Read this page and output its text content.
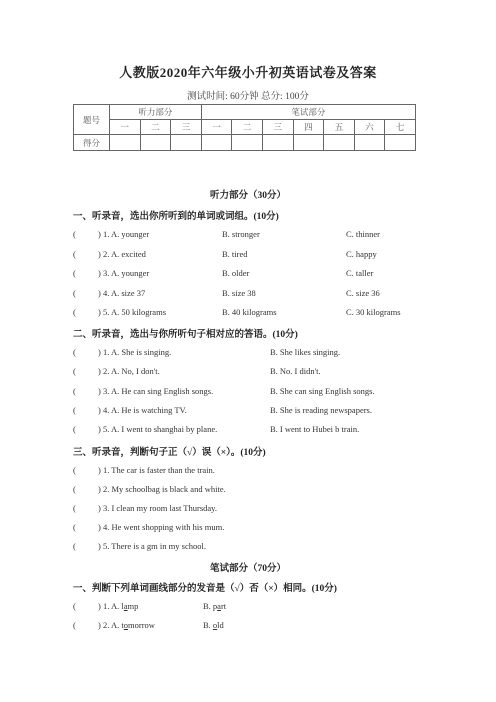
人教版2020年六年级小升初英语试卷及答案
测试时间: 60分钟 总分: 100分
题号	听力部分			笔试部分						
	一	二	三	一	二	三	四	五	六	七
得分										
听力部分（30分）
一、听录音，选出你所听到的单词或词组。(10分)
(	) 1. A. younger	B. stronger	C. thinner
(	) 2. A. excited	B. tired	C. happy
(	) 3. A. younger	B. older	C. taller
(	) 4. A. size 37	B. size 38	C. size 36
(	) 5. A. 50 kilograms	B. 40 kilograms	C. 30 kilograms
二、听录音，选出与你所听句子相对应的答语。(10分)
(	) 1. A. She is singing.	B. She likes singing.
(	) 2. A. No, I don't.	B. No. I didn't.
(	) 3. A. He can sing English songs.	B. She can sing English songs.
(	) 4. A. He is watching TV.	B. She is reading newspapers.
(	) 5. A. I went to shanghai by plane.	B. I went to Hubei b train.
三、听录音，判断句子正（√）误（×）。(10分)
(	) 1. The car is faster than the train.
(	) 2. My schoolbag is black and white.
(	) 3. I clean my room last Thursday.
(	) 4. He went shopping with his mum.
(	) 5. There is a gm in my school.
笔试部分（70分）
一、判断下列单词画线部分的发音是（√）否（×）相同。(10分)
(	) 1. A. lamp	B. part
(	) 2. A. tomorrow	B. old
